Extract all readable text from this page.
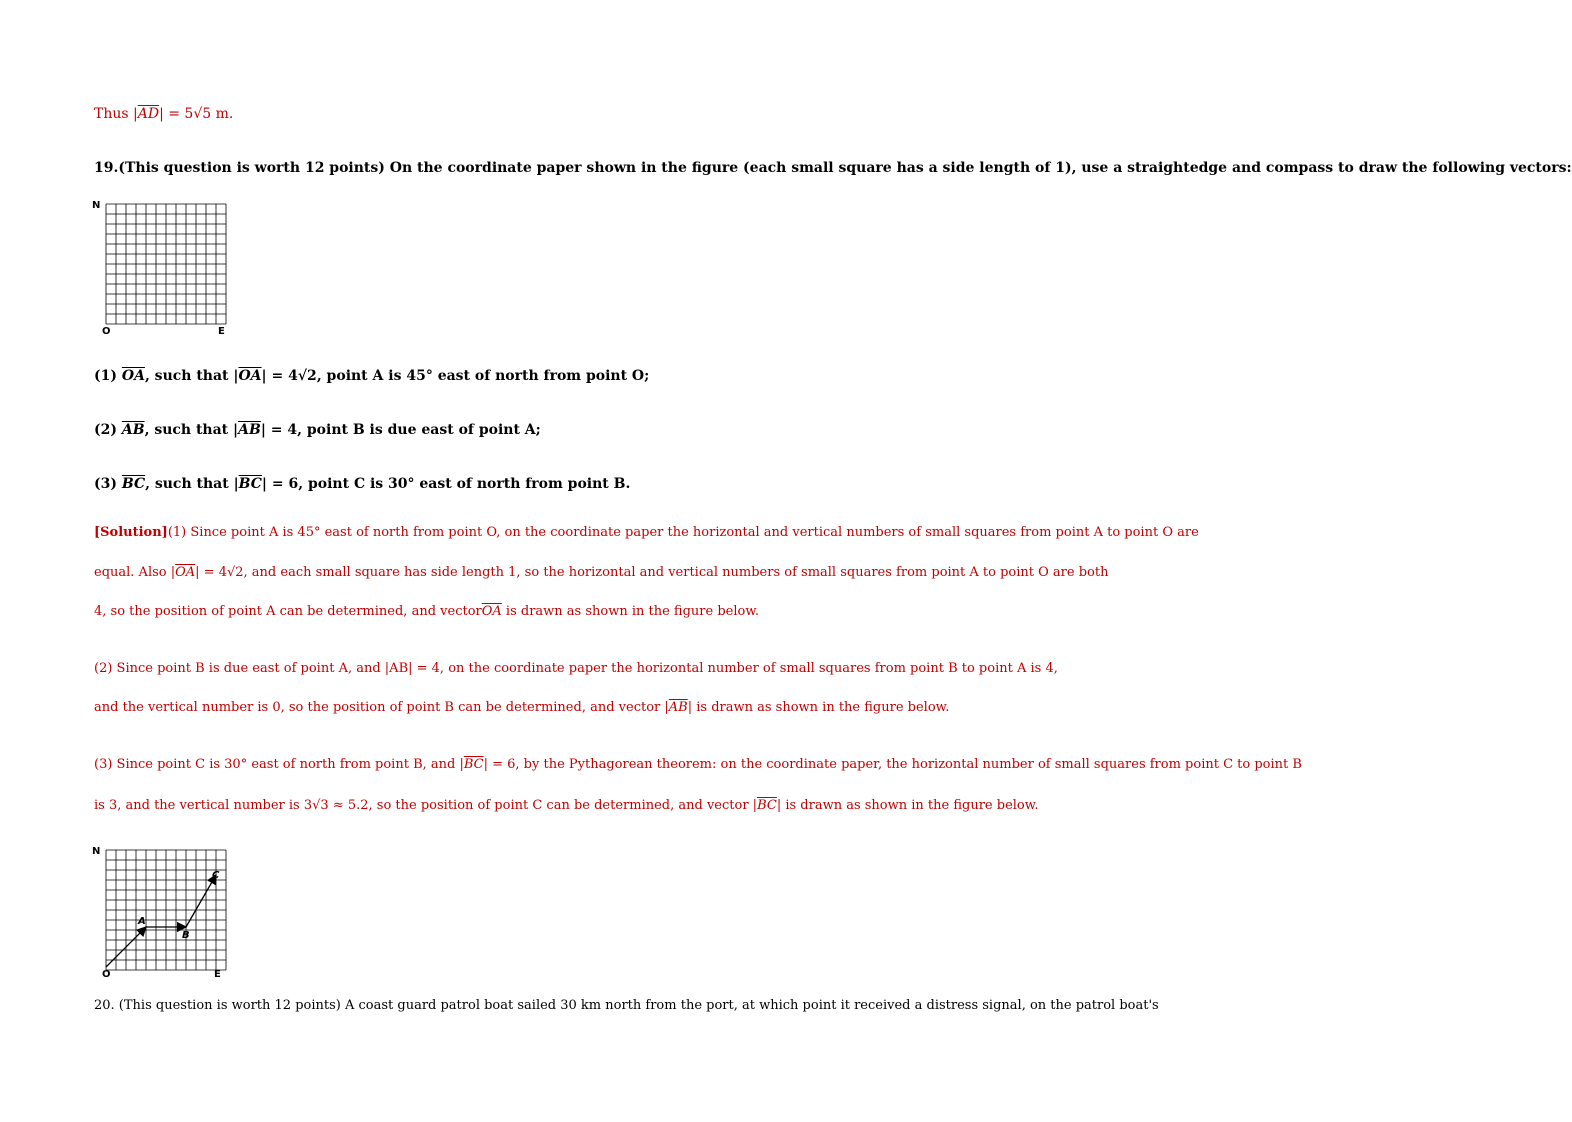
Thus $|\overline{AD}| = 5√5$ m.
19.(This question is worth 12 points) On the coordinate paper shown in the figure (each small square has a side length of 1), use a straightedge and compass to draw the following vectors:
N
O	E
(1) $\overline{OA}$, such that $|\overline{OA}| = 4√2$, point A is 45° east of north from point O;
(2) $\overline{AB}$, such that $|\overline{AB}| = 4$, point B is due east of point A;
(3) $\overline{BC}$, such that $|\overline{BC}| = 6$, point C is 30° east of north from point B.
[Solution](1) Since point A is 45° east of north from point O, on the coordinate paper the horizontal and vertical numbers of small squares from point A to point O are
equal. Also $|\overline{OA}| = 4√2$, and each small square has side length 1, so the horizontal and vertical numbers of small squares from point A to point O are both
4, so the position of point A can be determined, and $vector\overline{OA}$ is drawn as shown in the figure below.
(2) Since point B is due east of point A, and |AB| = 4, on the coordinate paper the horizontal number of small squares from point B to point A is 4,
and the vertical number is 0, so the position of point B can be determined, and vector $|\overline{AB}|$ is drawn as shown in the figure below.
(3) Since point C is 30° east of north from point B, and $|\overline{BC}| = 6$, by the Pythagorean theorem: on the coordinate paper, the horizontal number of small squares from point C to point B
is 3, and the vertical number is 3√3 ≈ 5.2, so the position of point C can be determined, and vector $|\overline{BC}|$ is drawn as shown in the figure below.
N
O	E
A
B
C
20. (This question is worth 12 points) A coast guard patrol boat sailed 30 km north from the port, at which point it received a distress signal, on the patrol boat's
